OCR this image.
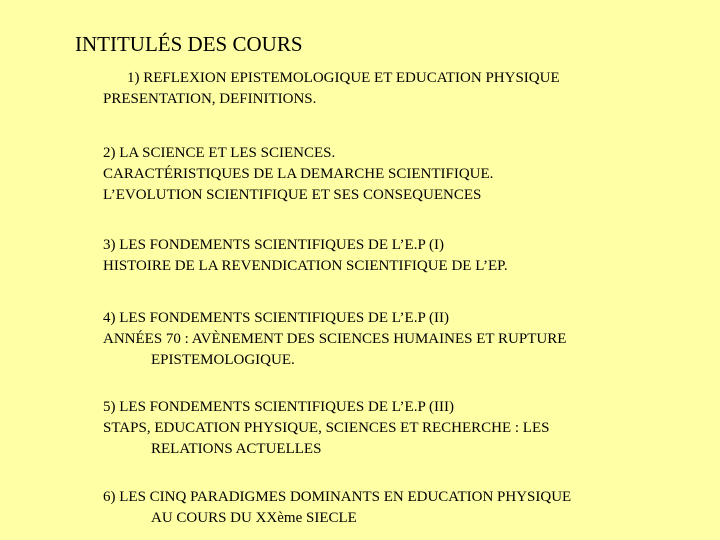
INTITULÉS DES COURS
1) REFLEXION EPISTEMOLOGIQUE ET EDUCATION PHYSIQUE
PRESENTATION, DEFINITIONS.
2) LA SCIENCE ET LES SCIENCES.
CARACTÉRISTIQUES DE LA DEMARCHE SCIENTIFIQUE.
L’EVOLUTION SCIENTIFIQUE ET SES CONSEQUENCES
3) LES FONDEMENTS SCIENTIFIQUES DE L’E.P (I)
HISTOIRE DE LA REVENDICATION SCIENTIFIQUE DE L’EP.
4) LES FONDEMENTS SCIENTIFIQUES DE L’E.P (II)
ANNÉES 70 : AVÈNEMENT DES SCIENCES HUMAINES ET RUPTURE
EPISTEMOLOGIQUE.
5) LES FONDEMENTS SCIENTIFIQUES DE L’E.P (III)
STAPS, EDUCATION PHYSIQUE, SCIENCES ET RECHERCHE : LES
RELATIONS ACTUELLES
6) LES CINQ PARADIGMES DOMINANTS EN EDUCATION PHYSIQUE
AU COURS DU XXème SIECLE
